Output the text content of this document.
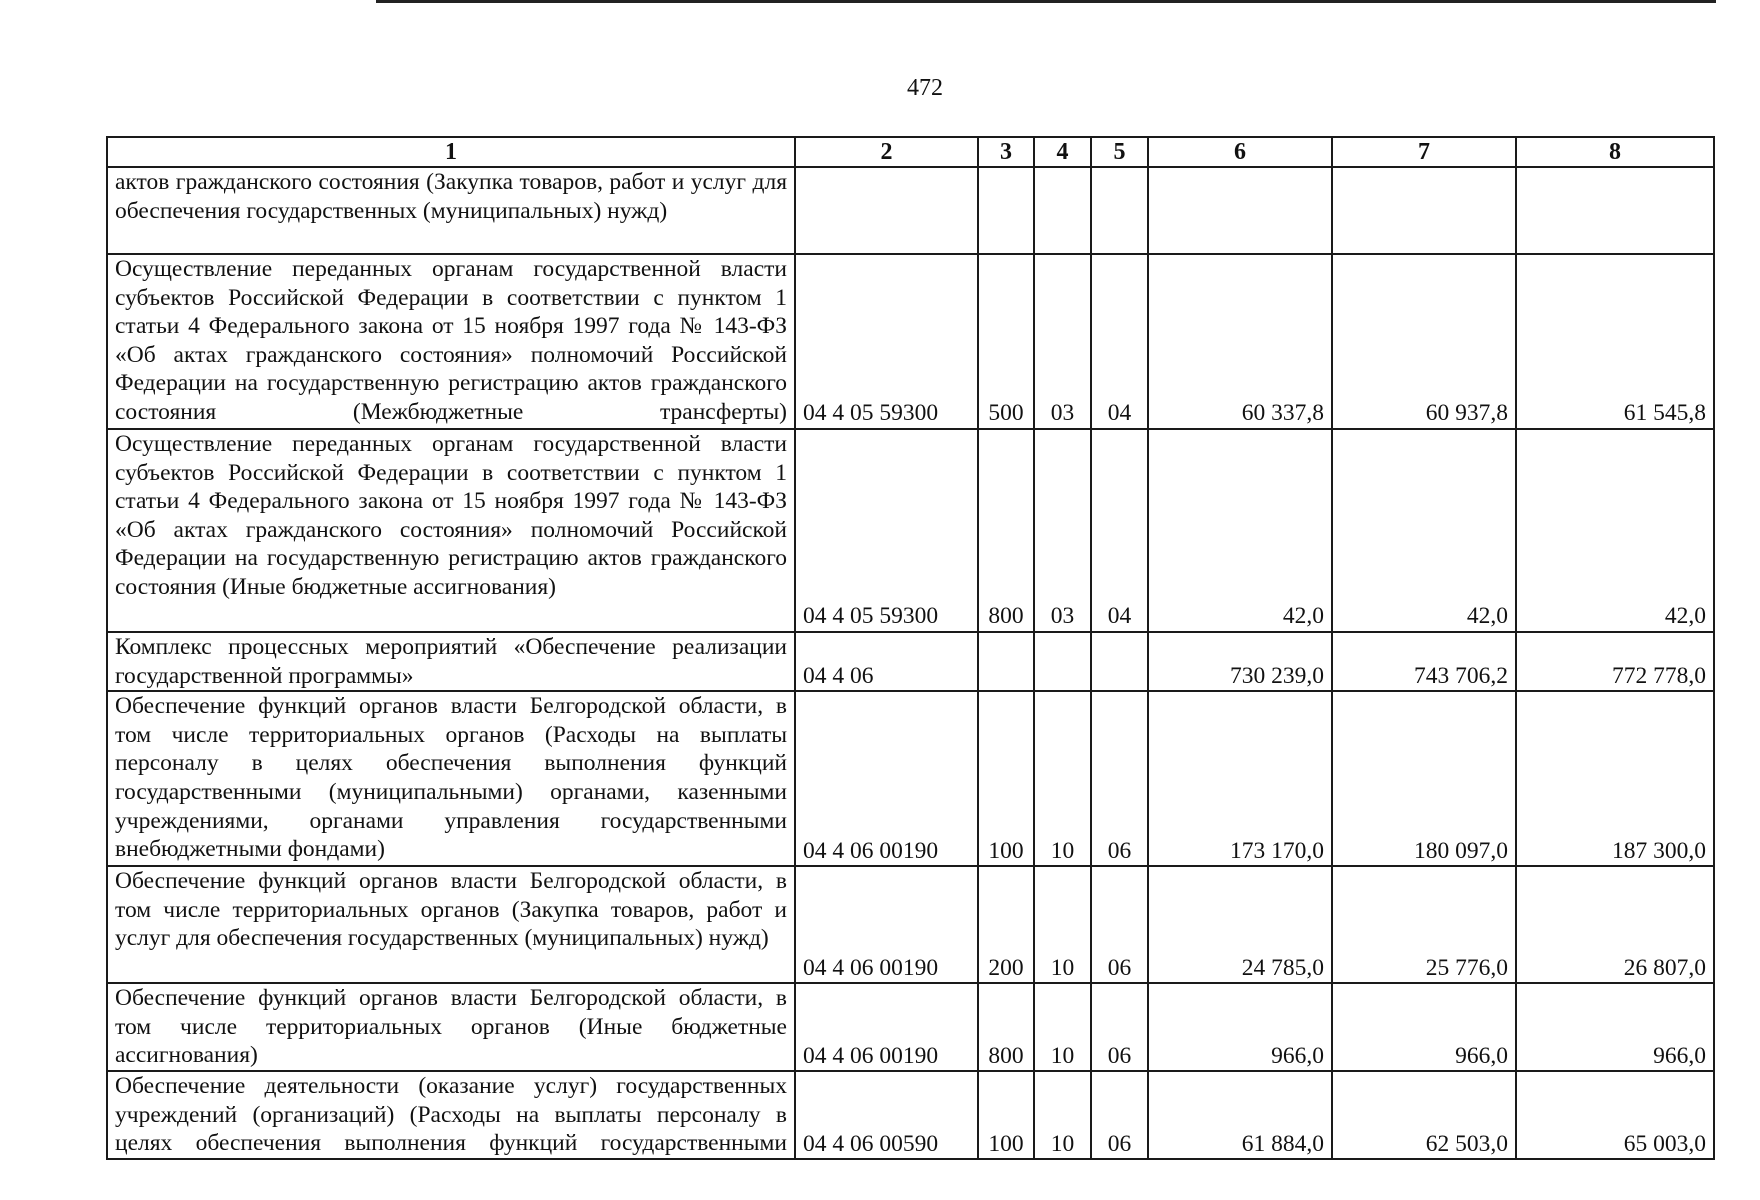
472
1	2	3	4	5	6	7	8
актов гражданского состояния (Закупка товаров, работ и услуг для обеспечения государственных (муниципальных) нужд)							
Осуществление переданных органам государственной власти субъектов Российской Федерации в соответствии с пунктом 1 статьи 4 Федерального закона от 15 ноября 1997 года № 143-ФЗ «Об актах гражданского состояния» полномочий Российской Федерации на государственную регистрацию актов гражданского состояния (Межбюджетные трансферты)	04 4 05 59300	500	03	04	60 337,8	60 937,8	61 545,8
Осуществление переданных органам государственной власти субъектов Российской Федерации в соответствии с пунктом 1 статьи 4 Федерального закона от 15 ноября 1997 года № 143-ФЗ «Об актах гражданского состояния» полномочий Российской Федерации на государственную регистрацию актов гражданского состояния (Иные бюджетные ассигнования)	04 4 05 59300	800	03	04	42,0	42,0	42,0
Комплекс процессных мероприятий «Обеспечение реализации государственной программы»	04 4 06				730 239,0	743 706,2	772 778,0
Обеспечение функций органов власти Белгородской области, в том числе территориальных органов (Расходы на выплаты персоналу в целях обеспечения выполнения функций государственными (муниципальными) органами, казенными учреждениями, органами управления государственными внебюджетными фондами)	04 4 06 00190	100	10	06	173 170,0	180 097,0	187 300,0
Обеспечение функций органов власти Белгородской области, в том числе территориальных органов (Закупка товаров, работ и услуг для обеспечения государственных (муниципальных) нужд)	04 4 06 00190	200	10	06	24 785,0	25 776,0	26 807,0
Обеспечение функций органов власти Белгородской области, в том числе территориальных органов (Иные бюджетные ассигнования)	04 4 06 00190	800	10	06	966,0	966,0	966,0
Обеспечение деятельности (оказание услуг) государственных учреждений (организаций) (Расходы на выплаты персоналу в целях обеспечения выполнения функций государственными	04 4 06 00590	100	10	06	61 884,0	62 503,0	65 003,0
